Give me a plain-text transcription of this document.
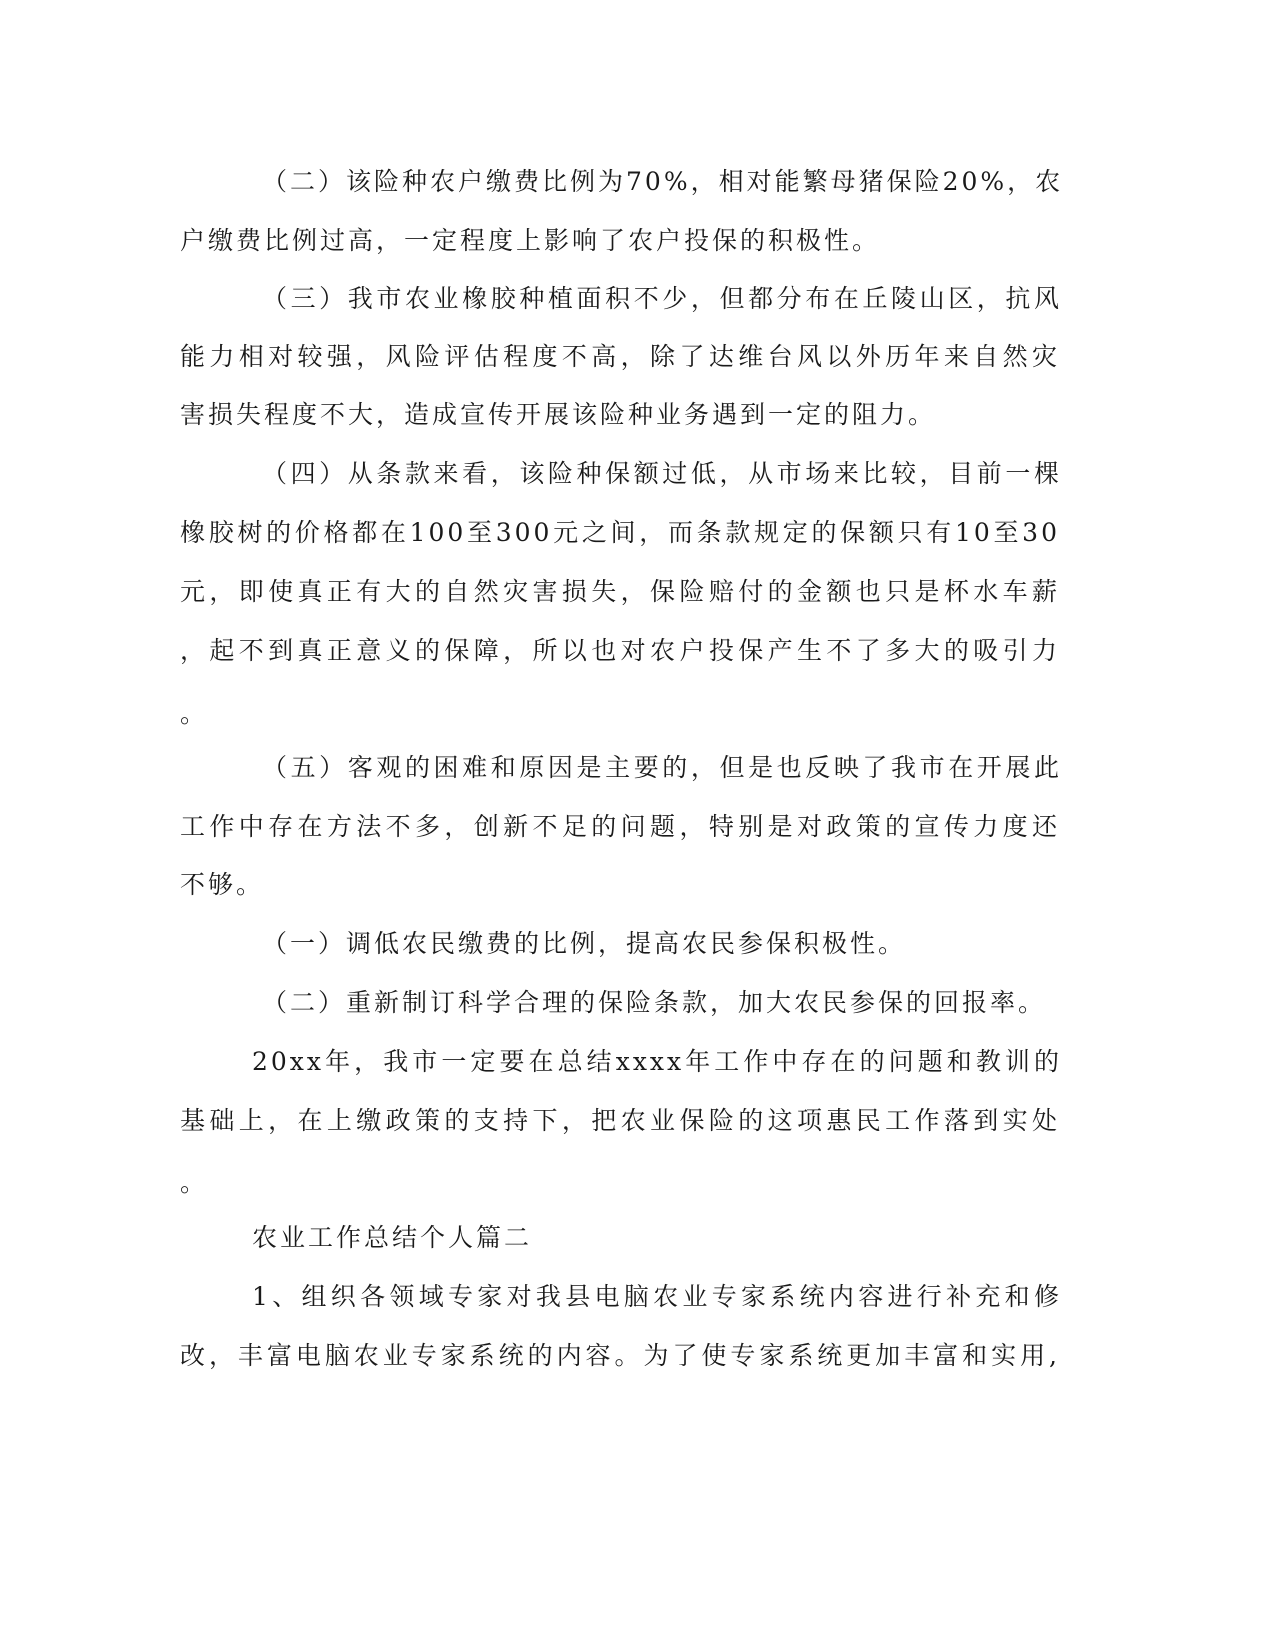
（二）该险种农户缴费比例为70%，相对能繁母猪保险20%，农
户缴费比例过高，一定程度上影响了农户投保的积极性。
（三）我市农业橡胶种植面积不少，但都分布在丘陵山区，抗风
能力相对较强，风险评估程度不高，除了达维台风以外历年来自然灾
害损失程度不大，造成宣传开展该险种业务遇到一定的阻力。
（四）从条款来看，该险种保额过低，从市场来比较，目前一棵
橡胶树的价格都在100至300元之间，而条款规定的保额只有10至30
元，即使真正有大的自然灾害损失，保险赔付的金额也只是杯水车薪
，起不到真正意义的保障，所以也对农户投保产生不了多大的吸引力
。
（五）客观的困难和原因是主要的，但是也反映了我市在开展此
工作中存在方法不多，创新不足的问题，特别是对政策的宣传力度还
不够。
（一）调低农民缴费的比例，提高农民参保积极性。
（二）重新制订科学合理的保险条款，加大农民参保的回报率。
20xx年，我市一定要在总结xxxx年工作中存在的问题和教训的
基础上，在上缴政策的支持下，把农业保险的这项惠民工作落到实处
。
农业工作总结个人篇二
1、组织各领域专家对我县电脑农业专家系统内容进行补充和修
改，丰富电脑农业专家系统的内容。为了使专家系统更加丰富和实用,
